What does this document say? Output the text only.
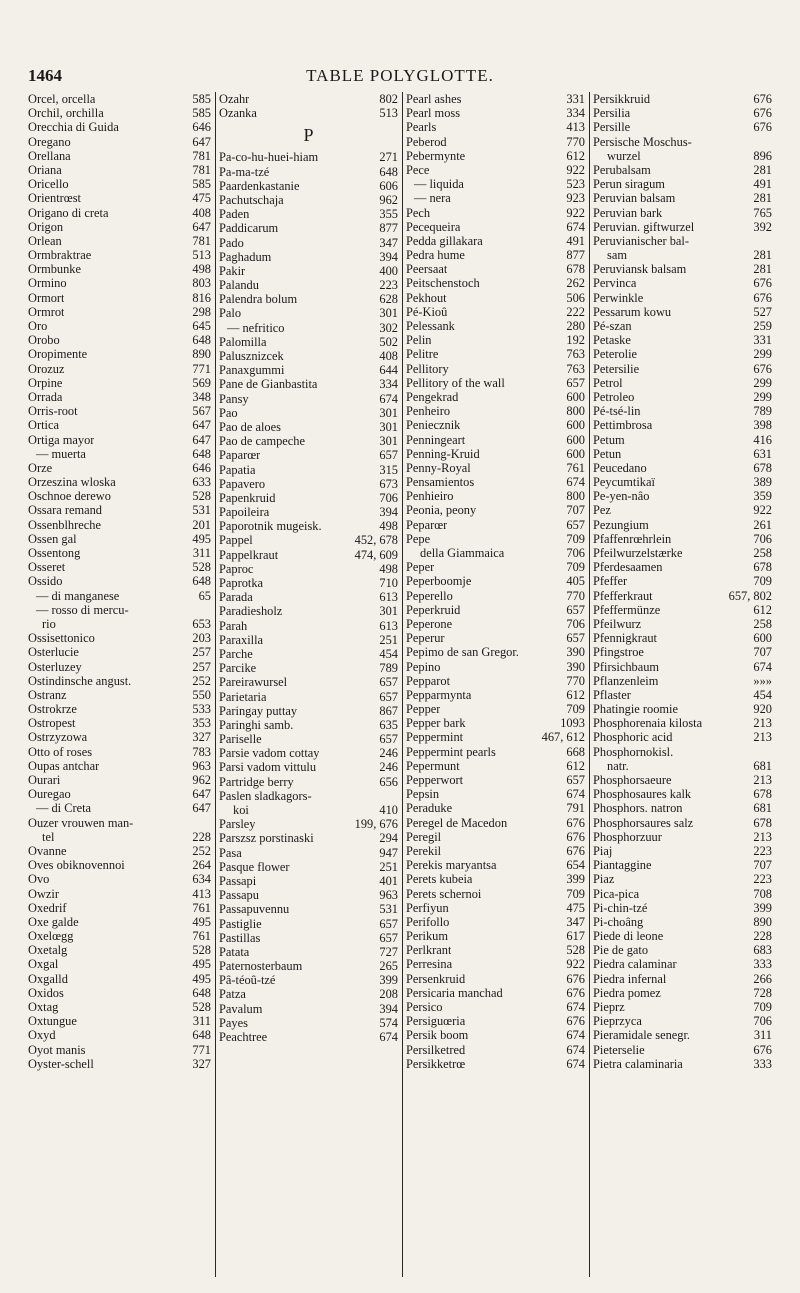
1464	TABLE POLYGLOTTE.
Orcel, orcella	585
Orchil, orchilla	585
Orecchia di Guida	646
Oregano	647
Orellana	781
Oriana	781
Oricello	585
Orientrœst	475
Origano di creta	408
Origon	647
Orlean	781
Ormbraktrae	513
Ormbunke	498
Ormino	803
Ormort	816
Ormrot	298
Oro	645
Orobo	648
Oropimente	890
Orozuz	771
Orpine	569
Orrada	348
Orris-root	567
Ortica	647
Ortiga mayor	647
— muerta	648
Orze	646
Orzeszina wloska	633
Oschnoe derewo	528
Ossara remand	531
Ossenblhreche	201
Ossen gal	495
Ossentong	311
Osseret	528
Ossido	648
— di manganese	65
— rosso di mercu-
rio	653
Ossisettonico	203
Osterlucie	257
Osterluzey	257
Ostindinsche angust.	252
Ostranz	550
Ostrokrze	533
Ostropest	353
Ostrzyzowa	327
Otto of roses	783
Oupas antchar	963
Ourari	962
Ouregao	647
— di Creta	647
Ouzer vrouwen man-
tel	228
Ovanne	252
Oves obiknovennoi	264
Ovo	634
Owzir	413
Oxedrif	761
Oxe galde	495
Oxelœgg	761
Oxetalg	528
Oxgal	495
Oxgalld	495
Oxidos	648
Oxtag	528
Oxtungue	311
Oxyd	648
Oyot manis	771
Oyster-schell	327
Ozahr	802
Ozanka	513
P
Pa-co-hu-huei-hiam	271
Pa-ma-tzé	648
Paardenkastanie	606
Pachutschaja	962
Paden	355
Paddicarum	877
Pado	347
Paghadum	394
Pakir	400
Palandu	223
Palendra bolum	628
Palo	301
— nefritico	302
Palomilla	502
Palusznizcek	408
Panaxgummi	644
Pane de Gianbastita	334
Pansy	674
Pao	301
Pao de aloes	301
Pao de campeche	301
Paparœr	657
Papatia	315
Papavero	673
Papenkruid	706
Papoileira	394
Paporotnik mugeisk.	498
Pappel	452, 678
Pappelkraut	474, 609
Paproc	498
Paprotka	710
Parada	613
Paradiesholz	301
Parah	613
Paraxilla	251
Parche	454
Parcike	789
Pareirawursel	657
Parietaria	657
Paringay puttay	867
Paringhi samb.	635
Pariselle	657
Parsie vadom cottay	246
Parsi vadom vittulu	246
Partridge berry	656
Paslen sladkagors-
koi	410
Parsley	199, 676
Parszsz porstinaski	294
Pasa	947
Pasque flower	251
Passapi	401
Passapu	963
Passapuvennu	531
Pastiglie	657
Pastillas	657
Patata	727
Paternosterbaum	265
Pâ-téoû-tzé	399
Patza	208
Pavalum	394
Payes	574
Peachtree	674
Pearl ashes	331
Pearl moss	334
Pearls	413
Peberod	770
Pebermynte	612
Pece	922
— liquida	523
— nera	923
Pech	922
Pecequeira	674
Pedda gillakara	491
Pedra hume	877
Peersaat	678
Peitschenstoch	262
Pekhout	506
Pé-Kioû	222
Pelessank	280
Pelin	192
Pelitre	763
Pellitory	763
Pellitory of the wall	657
Pengekrad	600
Penheiro	800
Peniecznik	600
Penningeart	600
Penning-Kruid	600
Penny-Royal	761
Pensamientos	674
Penhieiro	800
Peonia, peony	707
Peparœr	657
Pepe	709
della Giammaica	706
Peper	709
Peperboomje	405
Peperello	770
Peperkruid	657
Peperone	706
Peperur	657
Pepimo de san Gregor.	390
Pepino	390
Pepparot	770
Pepparmynta	612
Pepper	709
Pepper bark	1093
Peppermint	467, 612
Peppermint pearls	668
Pepermunt	612
Pepperwort	657
Pepsin	674
Peraduke	791
Peregel de Macedon	676
Peregil	676
Perekil	676
Perekis maryantsa	654
Perets kubeia	399
Perets schernoi	709
Perfiyun	475
Perifollo	347
Perikum	617
Perlkrant	528
Perresina	922
Persenkruid	676
Persicaria manchad	676
Persico	674
Persiguœria	676
Persik boom	674
Persilketred	674
Persikketrœ	674
Persikkruid	676
Persilia	676
Persille	676
Persische Moschus-
wurzel	896
Perubalsam	281
Perun siragum	491
Peruvian balsam	281
Peruvian bark	765
Peruvian. giftwurzel	392
Peruvianischer bal-
sam	281
Peruviansk balsam	281
Pervinca	676
Perwinkle	676
Pessarum kowu	527
Pé-szan	259
Petaske	331
Peterolie	299
Petersilie	676
Petrol	299
Petroleo	299
Pé-tsé-lin	789
Pettimbrosa	398
Petum	416
Petun	631
Peucedano	678
Peycumtikaï	389
Pe-yen-nâo	359
Pez	922
Pezungium	261
Pfaffenrœhrlein	706
Pfeilwurzelstærke	258
Pferdesaamen	678
Pfeffer	709
Pfefferkraut	657, 802
Pfeffermünze	612
Pfeilwurz	258
Pfennigkraut	600
Pfingstroe	707
Pfirsichbaum	674
Pflanzenleim	»»»
Pflaster	454
Phatingie roomie	920
Phosphorenaia kilosta	213
Phosphoric acid	213
Phosphornokisl.
natr.	681
Phosphorsaeure	213
Phosphosaures kalk	678
Phosphors. natron	681
Phosphorsaures salz	678
Phosphorzuur	213
Piaj	223
Piantaggine	707
Piaz	223
Pica-pica	708
Pi-chin-tzé	399
Pi-choâng	890
Piede di leone	228
Pie de gato	683
Piedra calaminar	333
Piedra infernal	266
Piedra pomez	728
Pieprz	709
Pieprzyca	706
Pieramidale senegr.	311
Pieterselie	676
Pietra calaminaria	333
